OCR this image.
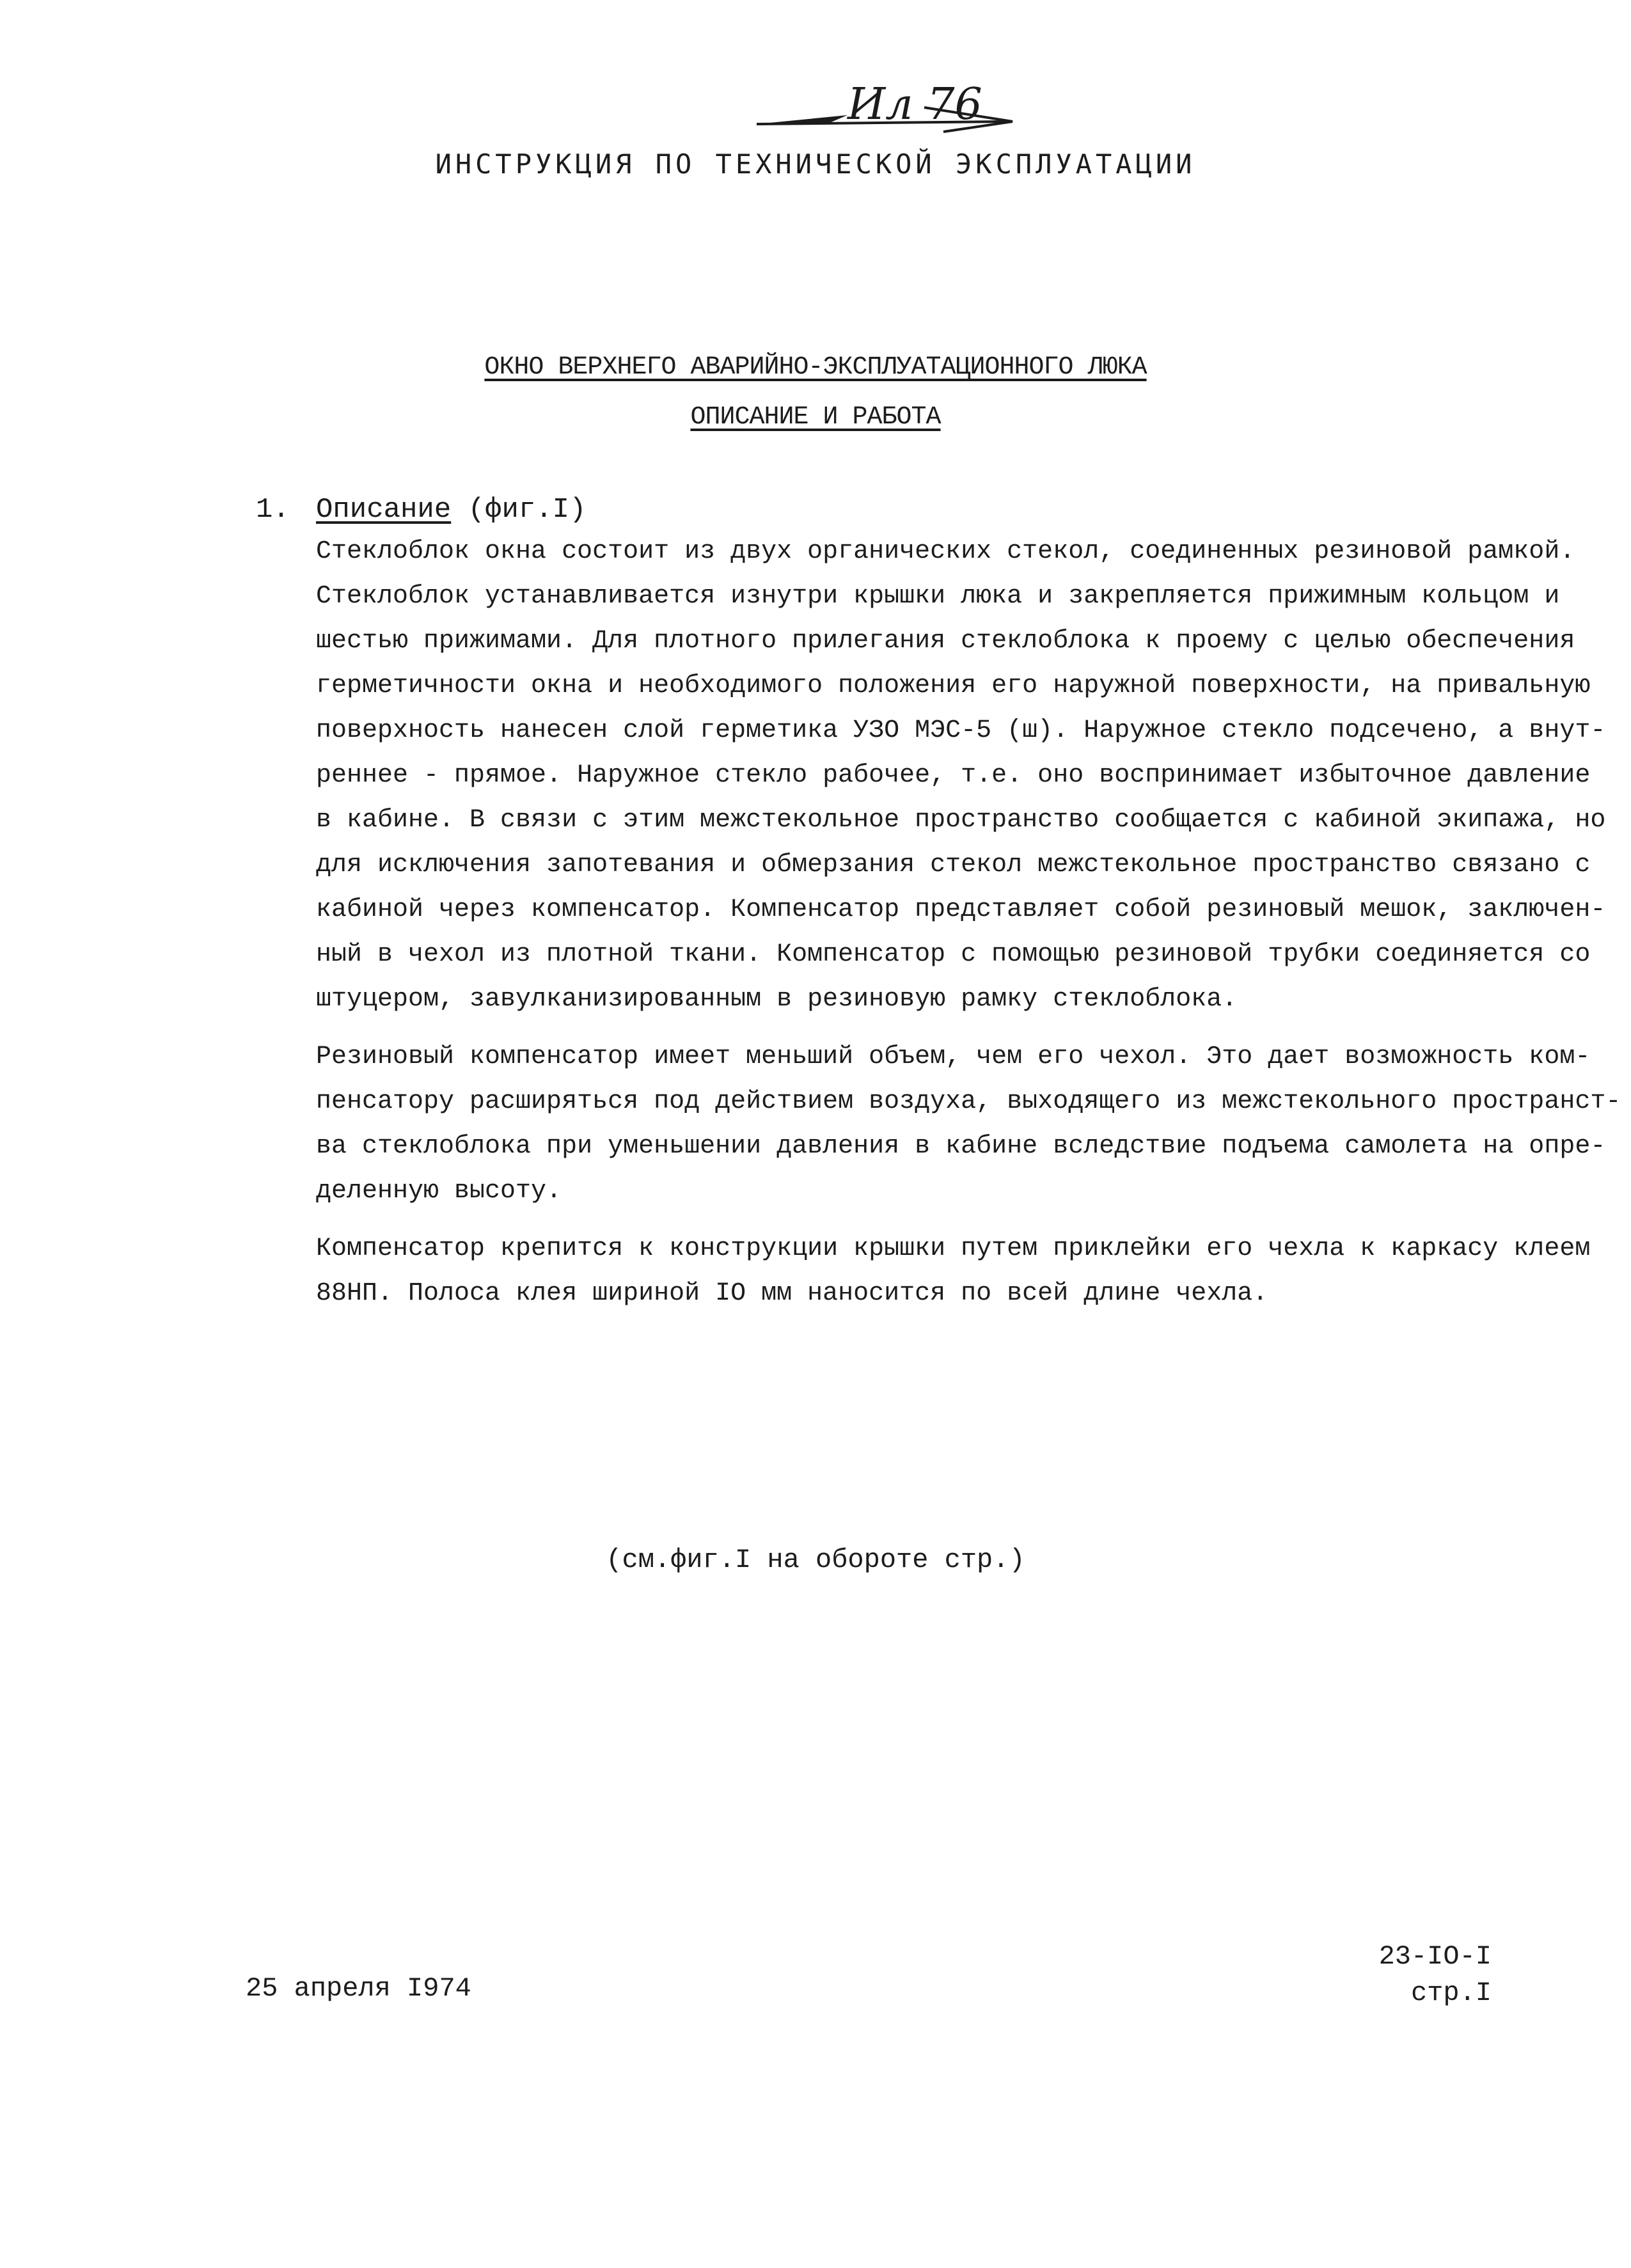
Ил 76
ИНСТРУКЦИЯ ПО ТЕХНИЧЕСКОЙ ЭКСПЛУАТАЦИИ
ОКНО ВЕРХНЕГО АВАРИЙНО-ЭКСПЛУАТАЦИОННОГО ЛЮКА
ОПИСАНИЕ И РАБОТА
1. Описание (фиг.I)
Стеклоблок окна состоит из двух органических стекол, соединенных резиновой рамкой.
Стеклоблок устанавливается изнутри крышки люка и закрепляется прижимным кольцом и
шестью прижимами. Для плотного прилегания стеклоблока к проему с целью обеспечения
герметичности окна и необходимого положения его наружной поверхности, на привальную
поверхность нанесен слой герметика УЗО МЭС-5 (ш). Наружное стекло подсечено, а внут-
реннее - прямое. Наружное стекло рабочее, т.е. оно воспринимает избыточное давление
в кабине. В связи с этим межстекольное пространство сообщается с кабиной экипажа, но
для исключения запотевания и обмерзания стекол межстекольное пространство связано с
кабиной через компенсатор. Компенсатор представляет собой резиновый мешок, заключен-
ный в чехол из плотной ткани. Компенсатор с помощью резиновой трубки соединяется со
штуцером, завулканизированным в резиновую рамку стеклоблока.
Резиновый компенсатор имеет меньший объем, чем его чехол. Это дает возможность ком-
пенсатору расширяться под действием воздуха, выходящего из межстекольного пространст-
ва стеклоблока при уменьшении давления в кабине вследствие подъема самолета на опре-
деленную высоту.
Компенсатор крепится к конструкции крышки путем приклейки его чехла к каркасу клеем
88НП. Полоса клея шириной IO мм наносится по всей длине чехла.
(см.фиг.I на обороте стр.)
25 апреля I974
23-IO-I
стр.I
